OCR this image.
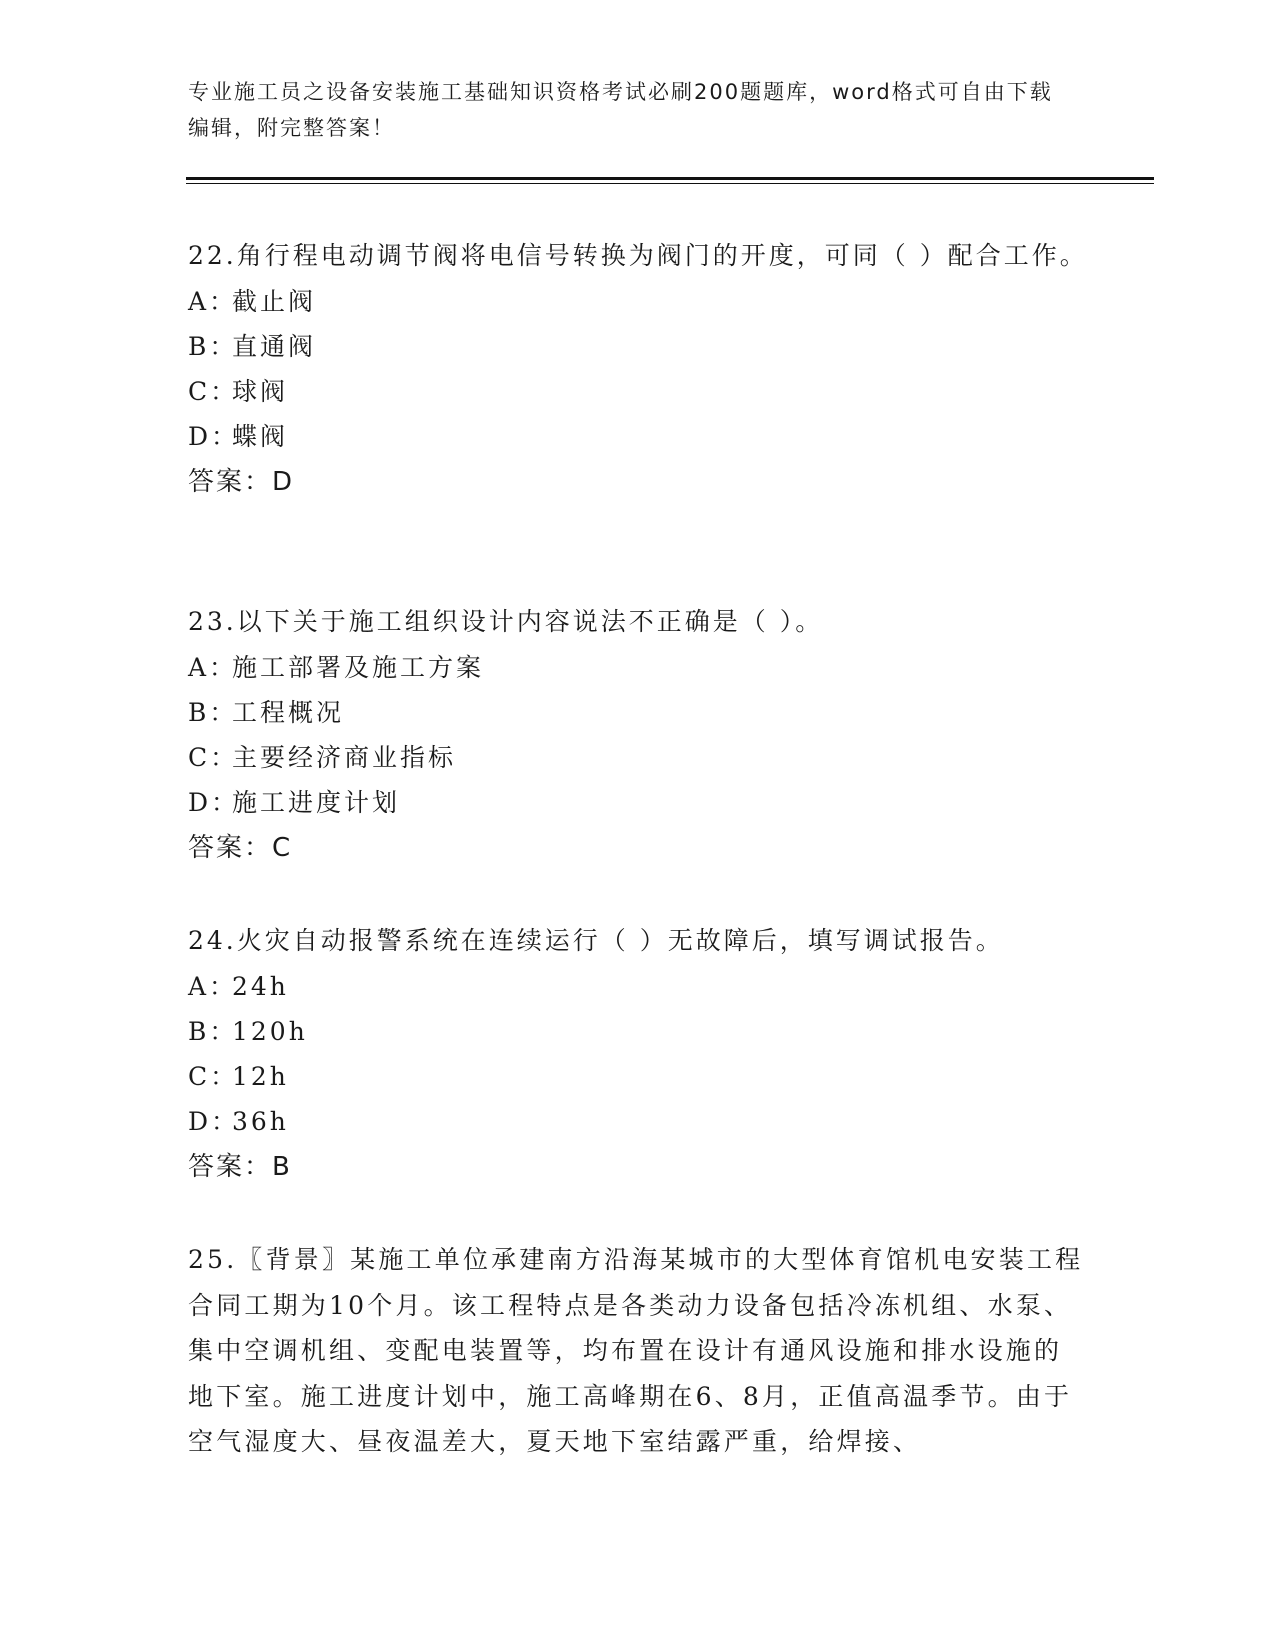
专业施工员之设备安装施工基础知识资格考试必刷200题题库，word格式可自由下载编辑，附完整答案！

22.角行程电动调节阀将电信号转换为阀门的开度，可同（ ）配合工作。

A：截止阀

B：直通阀

C：球阀

D：蝶阀

答案：D

23.以下关于施工组织设计内容说法不正确是（ ）。

A：施工部署及施工方案

B：工程概况

C：主要经济商业指标

D：施工进度计划

答案：C

24.火灾自动报警系统在连续运行（ ）无故障后，填写调试报告。

A：24h

B：120h

C：12h

D：36h

答案：B

25.〖背景〗某施工单位承建南方沿海某城市的大型体育馆机电安装工程合同工期为10个月。该工程特点是各类动力设备包括冷冻机组、水泵、集中空调机组、变配电装置等，均布置在设计有通风设施和排水设施的地下室。施工进度计划中，施工高峰期在6、8月，正值高温季节。由于空气湿度大、昼夜温差大，夏天地下室结露严重，给焊接、
